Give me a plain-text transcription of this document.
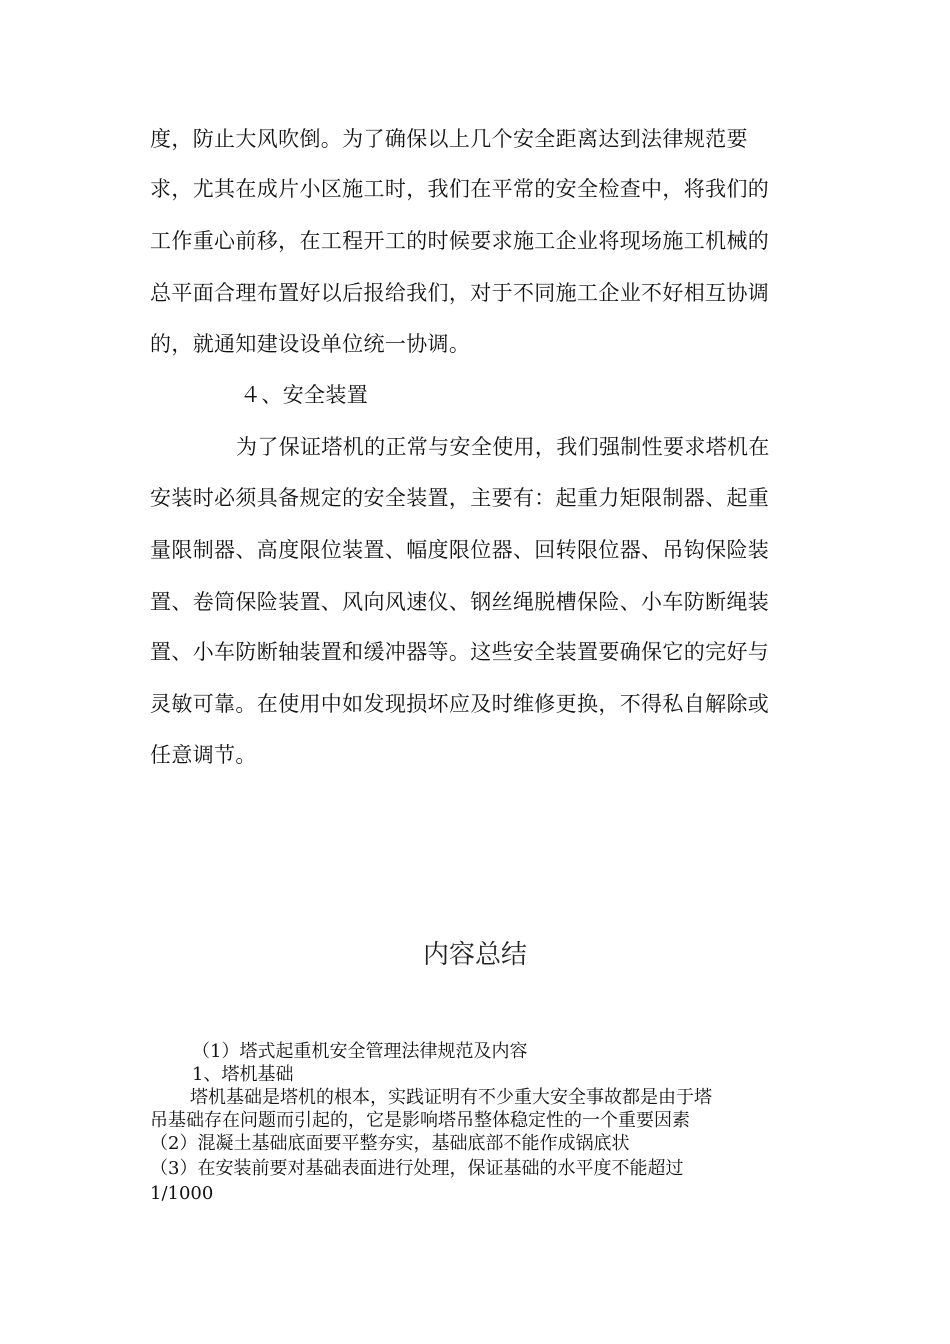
度，防止大风吹倒。为了确保以上几个安全距离达到法律规范要
求，尤其在成片小区施工时，我们在平常的安全检查中，将我们的
工作重心前移，在工程开工的时候要求施工企业将现场施工机械的
总平面合理布置好以后报给我们，对于不同施工企业不好相互协调
的，就通知建设设单位统一协调。
４、安全装置
为了保证塔机的正常与安全使用，我们强制性要求塔机在
安装时必须具备规定的安全装置，主要有：起重力矩限制器、起重
量限制器、高度限位装置、幅度限位器、回转限位器、吊钩保险装
置、卷筒保险装置、风向风速仪、钢丝绳脱槽保险、小车防断绳装
置、小车防断轴装置和缓冲器等。这些安全装置要确保它的完好与
灵敏可靠。在使用中如发现损坏应及时维修更换，不得私自解除或
任意调节。
内容总结
（1）塔式起重机安全管理法律规范及内容
1、塔机基础
塔机基础是塔机的根本，实践证明有不少重大安全事故都是由于塔
吊基础存在问题而引起的，它是影响塔吊整体稳定性的一个重要因素
（2）混凝土基础底面要平整夯实，基础底部不能作成锅底状
（3）在安装前要对基础表面进行处理，保证基础的水平度不能超过
1/1000
